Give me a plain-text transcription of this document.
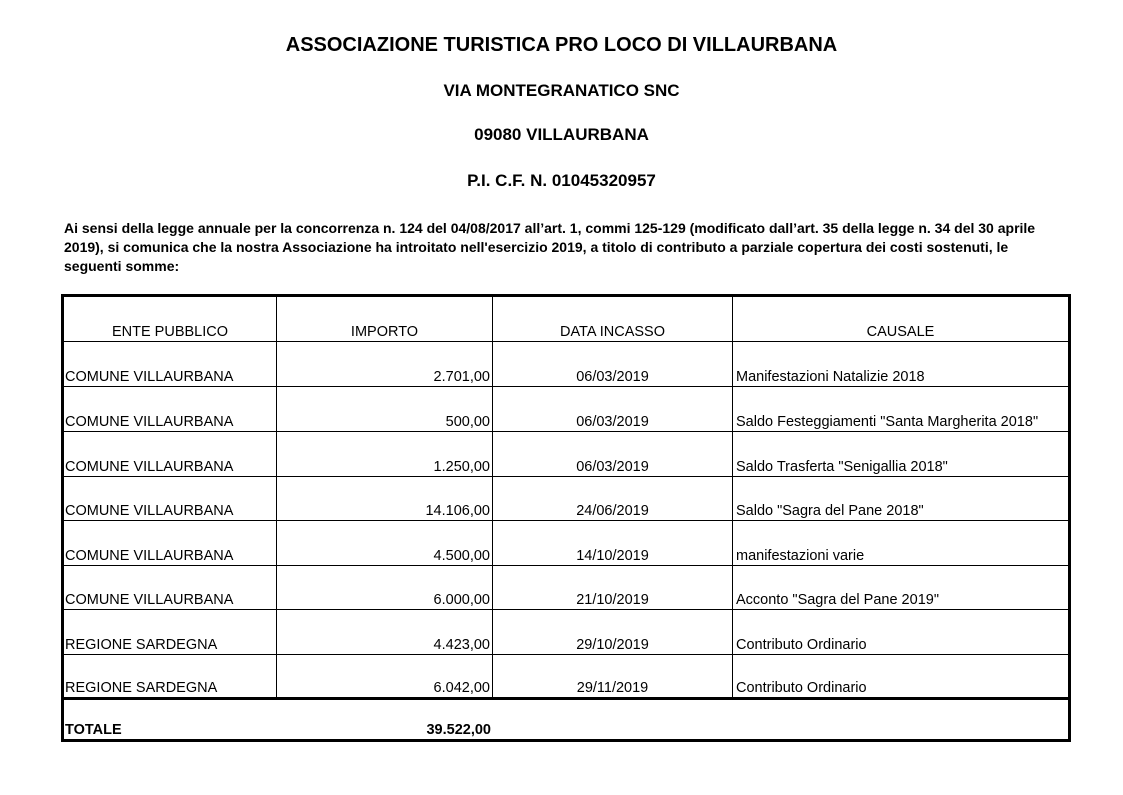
ASSOCIAZIONE TURISTICA PRO LOCO DI VILLAURBANA
VIA MONTEGRANATICO SNC
09080 VILLAURBANA
P.I. C.F. N. 01045320957
Ai sensi della legge annuale per la concorrenza n. 124 del 04/08/2017 all’art. 1, commi 125-129 (modificato dall’art. 35 della legge n. 34 del 30 aprile 2019), si comunica che la nostra Associazione ha introitato nell'esercizio 2019, a titolo di contributo a parziale copertura dei costi sostenuti, le seguenti somme:
ENTE PUBBLICO	IMPORTO	DATA INCASSO	CAUSALE
COMUNE VILLAURBANA	2.701,00	06/03/2019	Manifestazioni Natalizie 2018
COMUNE VILLAURBANA	500,00	06/03/2019	Saldo Festeggiamenti "Santa Margherita 2018"
COMUNE VILLAURBANA	1.250,00	06/03/2019	Saldo Trasferta "Senigallia 2018"
COMUNE VILLAURBANA	14.106,00	24/06/2019	Saldo "Sagra del Pane 2018"
COMUNE VILLAURBANA	4.500,00	14/10/2019	manifestazioni varie
COMUNE VILLAURBANA	6.000,00	21/10/2019	Acconto "Sagra del Pane 2019"
REGIONE SARDEGNA	4.423,00	29/10/2019	Contributo Ordinario
REGIONE SARDEGNA	6.042,00	29/11/2019	Contributo Ordinario
TOTALE	39.522,00
